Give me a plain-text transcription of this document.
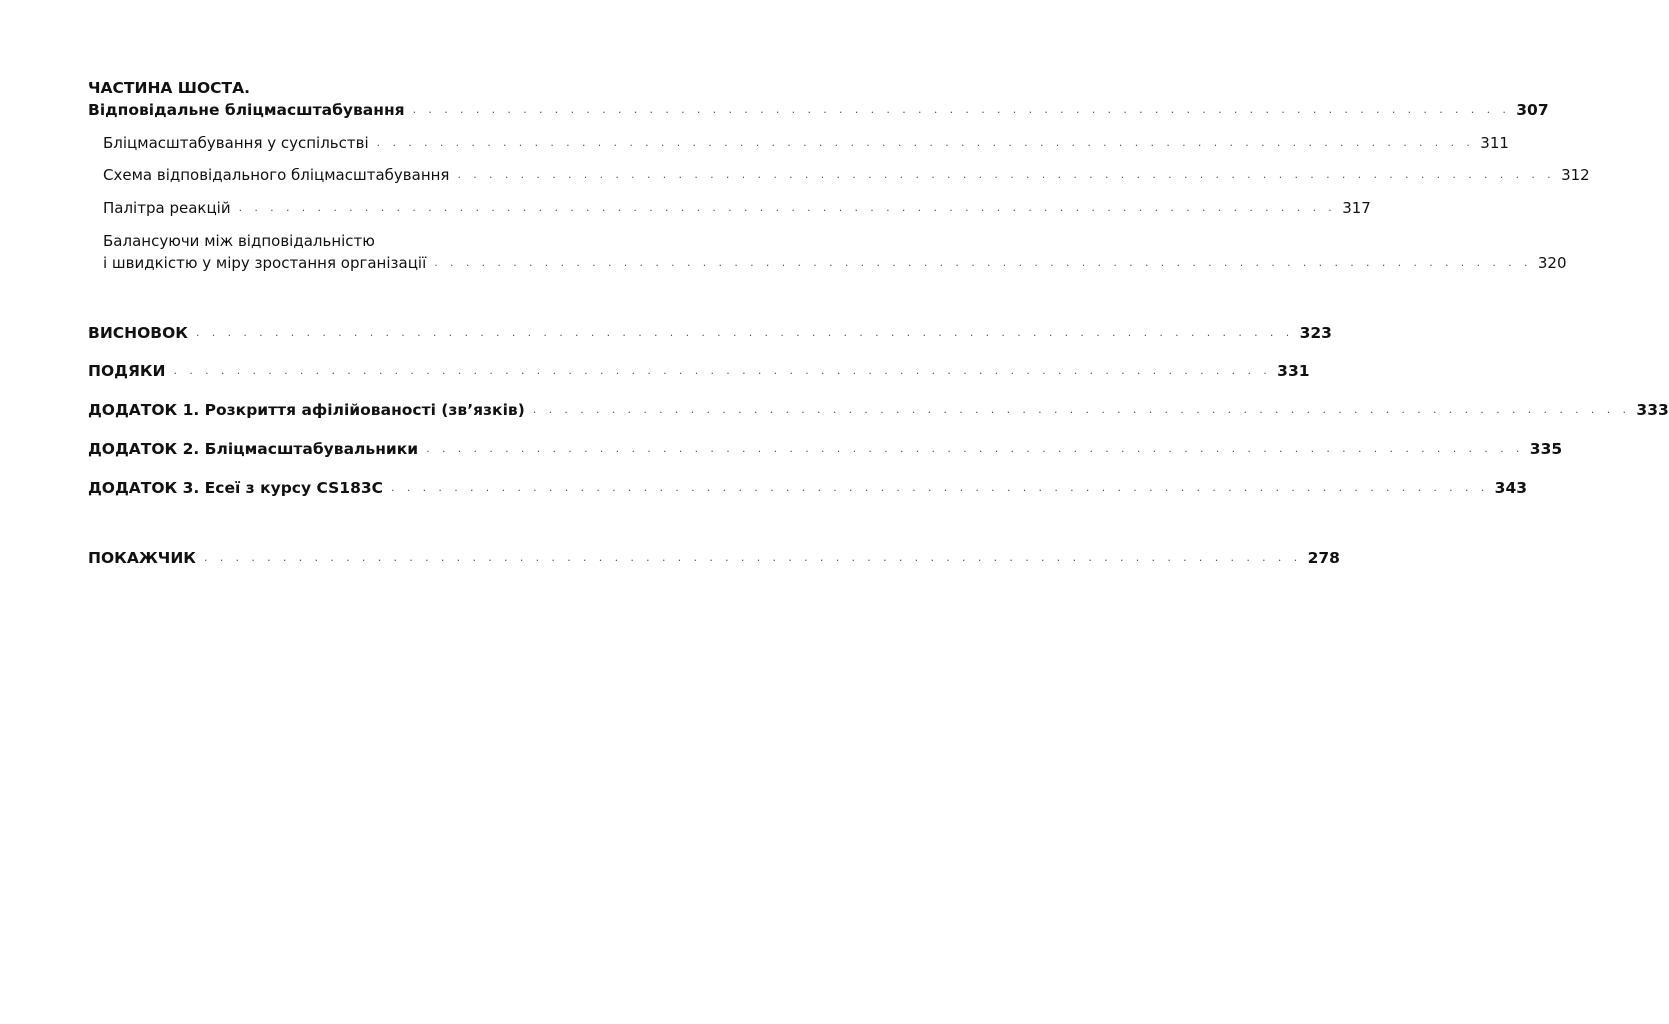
ЧАСТИНА ШОСТА.
Відповідальне бліцмасштабування . . . . . . . . . . . . . . . . . . . . . . . . . . . . . . . . . . . . . . . . . . . . . . . . . . . . . . . . . . . . . . . . . . . . . . 307
Бліцмасштабування у суспільстві . . . . . . . . . . . . . . . . . . . . . . . . . . . . . . . . . . . . . . . . . . . . . . . . . . . . . . . . . . . . . . . . . . . . . . 311
Схема відповідального бліцмасштабування . . . . . . . . . . . . . . . . . . . . . . . . . . . . . . . . . . . . . . . . . . . . . . . . . . . . . . . . . . . . . . . . . . . . . . 312
Палітра реакцій . . . . . . . . . . . . . . . . . . . . . . . . . . . . . . . . . . . . . . . . . . . . . . . . . . . . . . . . . . . . . . . . . . . . . . 317
Балансуючи між відповідальністю
і швидкістю у міру зростання організації . . . . . . . . . . . . . . . . . . . . . . . . . . . . . . . . . . . . . . . . . . . . . . . . . . . . . . . . . . . . . . . . . . . . . . 320
ВИСНОВОК . . . . . . . . . . . . . . . . . . . . . . . . . . . . . . . . . . . . . . . . . . . . . . . . . . . . . . . . . . . . . . . . . . . . . . 323
ПОДЯКИ . . . . . . . . . . . . . . . . . . . . . . . . . . . . . . . . . . . . . . . . . . . . . . . . . . . . . . . . . . . . . . . . . . . . . . 331
ДОДАТОК 1. Розкриття афілійованості (зв’язків) . . . . . . . . . . . . . . . . . . . . . . . . . . . . . . . . . . . . . . . . . . . . . . . . . . . . . . . . . . . . . . . . . . . . . . 333
ДОДАТОК 2. Бліцмасштабувальники . . . . . . . . . . . . . . . . . . . . . . . . . . . . . . . . . . . . . . . . . . . . . . . . . . . . . . . . . . . . . . . . . . . . . . 335
ДОДАТОК 3. Есеї з курсу CS183C . . . . . . . . . . . . . . . . . . . . . . . . . . . . . . . . . . . . . . . . . . . . . . . . . . . . . . . . . . . . . . . . . . . . . . 343
ПОКАЖЧИК . . . . . . . . . . . . . . . . . . . . . . . . . . . . . . . . . . . . . . . . . . . . . . . . . . . . . . . . . . . . . . . . . . . . . . 278
